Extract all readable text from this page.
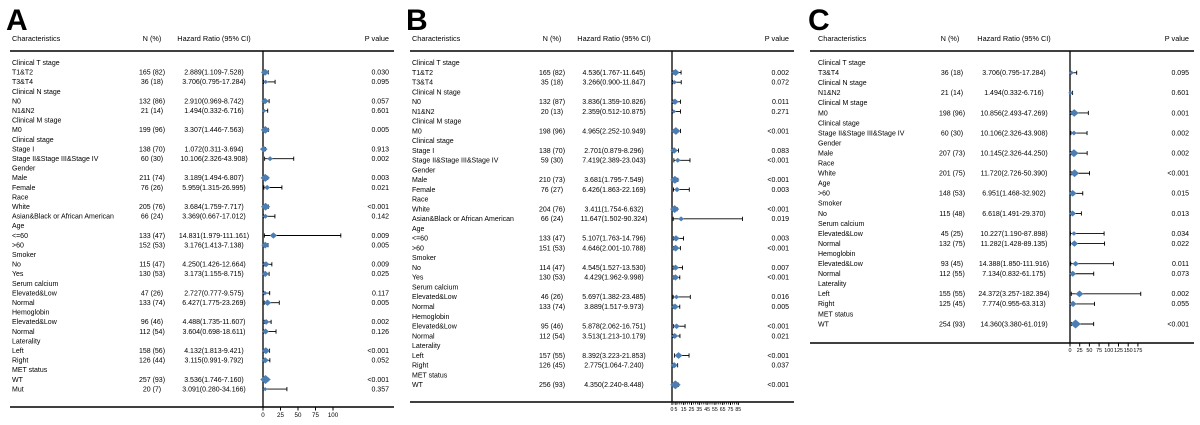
A
Characteristics	N (%) Hazard Ratio (95% CI)	P value
Clinical T stage
T1&T2	165 (82)	2.889(1.109-7.528)	0.030
T3&T4	36 (18)	3.706(0.795-17.284)	0.095
Clinical N stage
N0	132 (86)	2.910(0.969-8.742)	0.057
N1&N2	21 (14)	1.494(0.332-6.716)	0.601
Clinical M stage
M0	199 (96)	3.307(1.446-7.563)	0.005
Clinical stage
Stage I	138 (70)	1.072(0.311-3.694)	0.913
Stage II&Stage III&Stage IV	60 (30) 10.106(2.326-43.908)	0.002
Gender
Male	211 (74)	3.189(1.494-6.807)	0.003
Female	76 (26)	5.959(1.315-26.995)	0.021
Race
White	205 (76)	3.684(1.759-7.717)	<0.001
Asian&Black or African American	66 (24)	3.369(0.667-17.012)	0.142
Age
<=60	133 (47) 14.831(1.979-111.161)	0.009
>60	152 (53)	3.176(1.413-7.138)	0.005
Smoker
No	115 (47)	4.250(1.426-12.664)	0.009
Yes	130 (53)	3.173(1.155-8.715)	0.025
Serum calcium
Elevated&Low	47 (26)	2.727(0.777-9.575)	0.117
Normal	133 (74) 6.427(1.775-23.269)	0.005
Hemoglobin
Elevated&Low	96 (46)	4.488(1.735-11.607)	0.002
Normal	112 (54)	3.604(0.698-18.611)	0.126
Laterality
Left	158 (56)	4.132(1.813-9.421)	<0.001
Right	126 (44)	3.115(0.991-9.792)	0.052
MET status
WT	257 (93)	3.536(1.746-7.160)	<0.001
Mut	20 (7)	3.091(0.280-34.166)	0.357
0 25 50 75 100
B
Characteristics	N (%) Hazard Ratio (95% CI)	P value
Clinical T stage
T1&T2	165 (82)	4.536(1.767-11.645)	0.002
T3&T4	35 (18)	3.266(0.900-11.847)	0.072
Clinical N stage
N0	132 (87) 3.836(1.359-10.826)	0.011
N1&N2	20 (13)	2.359(0.512-10.875)	0.271
Clinical M stage
M0	198 (96) 4.965(2.252-10.949)	<0.001
Clinical stage
Stage I	138 (70)	2.701(0.879-8.296)	0.083
Stage II&Stage III&Stage IV	59 (30)	7.419(2.389-23.043)	<0.001
Gender
Male	210 (73)	3.681(1.795-7.549)	<0.001
Female	76 (27)	6.426(1.863-22.169)	0.003
Race
White	204 (76)	3.411(1.754-6.632)	<0.001
Asian&Black or African American	66 (24)	11.647(1.502-90.324)	0.019
Age
<=60	133 (47) 5.107(1.763-14.796)	0.003
>60	151 (53) 4.646(2.001-10.788)	<0.001
Smoker
No	114 (47)	4.545(1.527-13.530)	0.007
Yes	130 (53)	4.429(1.962-9.998)	<0.001
Serum calcium
Elevated&Low	46 (26)	5.697(1.382-23.485)	0.016
Normal	133 (74)	3.889(1.517-9.973)	0.005
Hemoglobin
Elevated&Low	95 (46)	5.878(2.062-16.751)	<0.001
Normal	112 (54)	3.513(1.213-10.179)	0.021
Laterality
Left	157 (55) 8.392(3.223-21.853)	<0.001
Right	126 (45)	2.775(1.064-7.240)	0.037
MET status
WT	256 (93)	4.350(2.240-8.448)	<0.001
0 5 15 25 35 45 55 65 75 85
C
Characteristics	N (%) Hazard Ratio (95% CI)	P value
Clinical T stage
T3&T4	36 (18)	3.706(0.795-17.284)	0.095
Clinical N stage
N1&N2	21 (14)	1.494(0.332-6.716)	0.601
Clinical M stage
M0	198 (96) 10.856(2.493-47.269)	0.001
Clinical stage
Stage II&Stage III&Stage IV	60 (30) 10.106(2.326-43.908)	0.002
Gender
Male	207 (73) 10.145(2.326-44.250)	0.002
Race
White	201 (75) 11.720(2.726-50.390)	<0.001
Age
>60	148 (53) 6.951(1.468-32.902)	0.015
Smoker
No	115 (48)	6.618(1.491-29.370)	0.013
Serum calcium
Elevated&Low	45 (25) 10.227(1.190-87.898)	0.034
Normal	132 (75) 11.282(1.428-89.135)	0.022
Hemoglobin
Elevated&Low	93 (45) 14.388(1.850-111.916)	0.011
Normal	112 (55)	7.134(0.832-61.175)	0.073
Laterality
Left	155 (55) 24.372(3.257-182.394)	0.002
Right	125 (45) 7.774(0.955-63.313)	0.055
MET status
WT	254 (93) 14.360(3.380-61.019)	<0.001
0 25 50 75 100 125 150 175
